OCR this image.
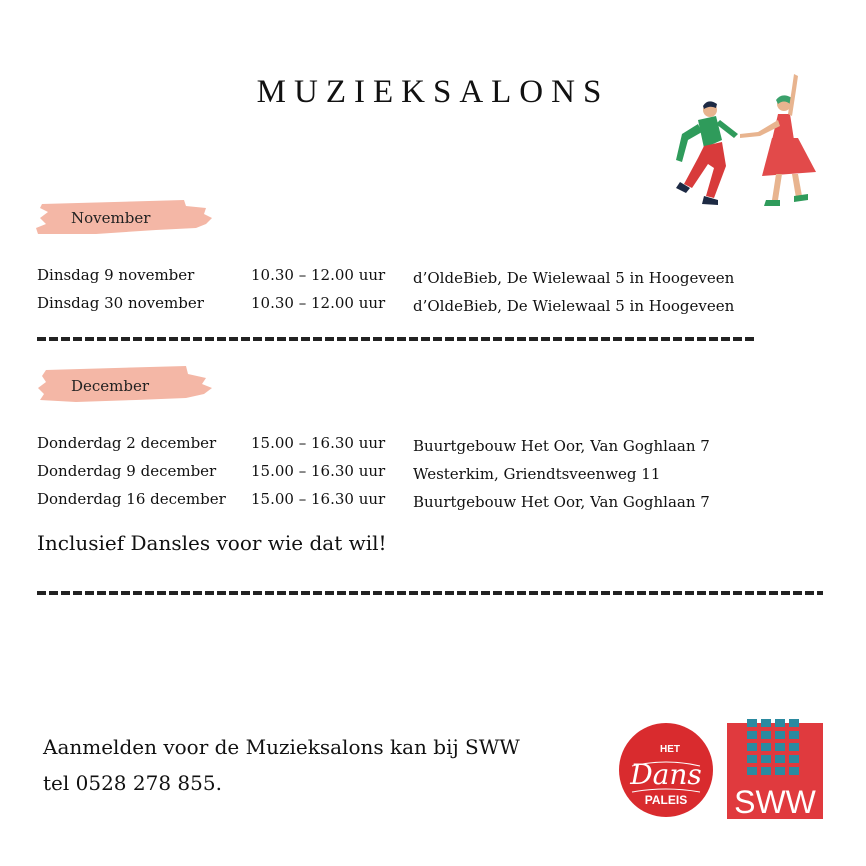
MUZIEKSALONS
November
Dinsdag 9 november	10.30 – 12.00 uur d’OldeBieb, De Wielewaal 5 in Hoogeveen
Dinsdag 30 november	10.30 – 12.00 uur d’OldeBieb, De Wielewaal 5 in Hoogeveen
December
Donderdag 2 december 15.00 – 16.30 uur Buurtgebouw Het Oor, Van Goghlaan 7
Donderdag 9 december 15.00 – 16.30 uur Westerkim, Griendtsveenweg 11
Donderdag 16 december 15.00 – 16.30 uur Buurtgebouw Het Oor, Van Goghlaan 7
Inclusief Dansles voor wie dat wil!
Aanmelden voor de Muzieksalons kan bij SWW
tel 0528 278 855.
HET
Dans
PALEIS SWW
